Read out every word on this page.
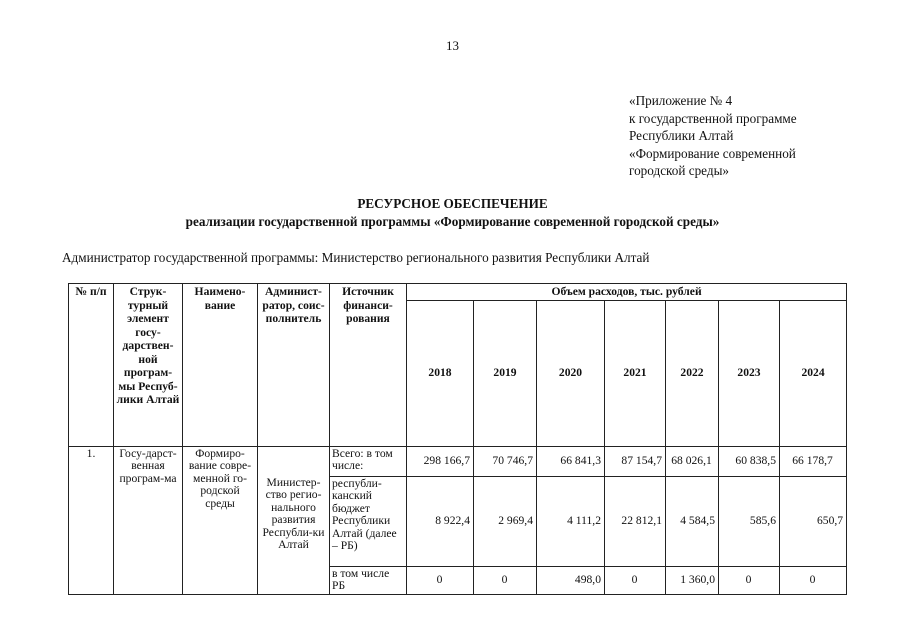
13
«Приложение № 4
к государственной программе
Республики Алтай
«Формирование современной
городской среды»
РЕСУРСНОЕ ОБЕСПЕЧЕНИЕ
реализации государственной программы «Формирование современной городской среды»
Администратор государственной программы: Министерство регионального развития Республики Алтай
№ п/п	Струк-турный элемент госу-дарствен-ной програм-мы Респуб-лики Алтай	Наимено-вание	Админист-ратор, соис-полнитель	Источник финанси-рования	Объем расходов, тыс. рублей						
					2018	2019	2020	2021	2022	2023	2024
1.	Госу-дарст-венная програм-ма	Формиро-вание совре-менной го-родской среды	Министер-ство регио-нального развития Республи-ки Алтай	Всего: в том числе:	298 166,7	70 746,7	66 841,3	87 154,7	68 026,1	60 838,5	66 178,7
				республи-канский бюджет Республики Алтай (далее – РБ)	8 922,4	2 969,4	4 111,2	22 812,1	4 584,5	585,6	650,7
				в том числе РБ	0	0	498,0	0	1 360,0	0	0
